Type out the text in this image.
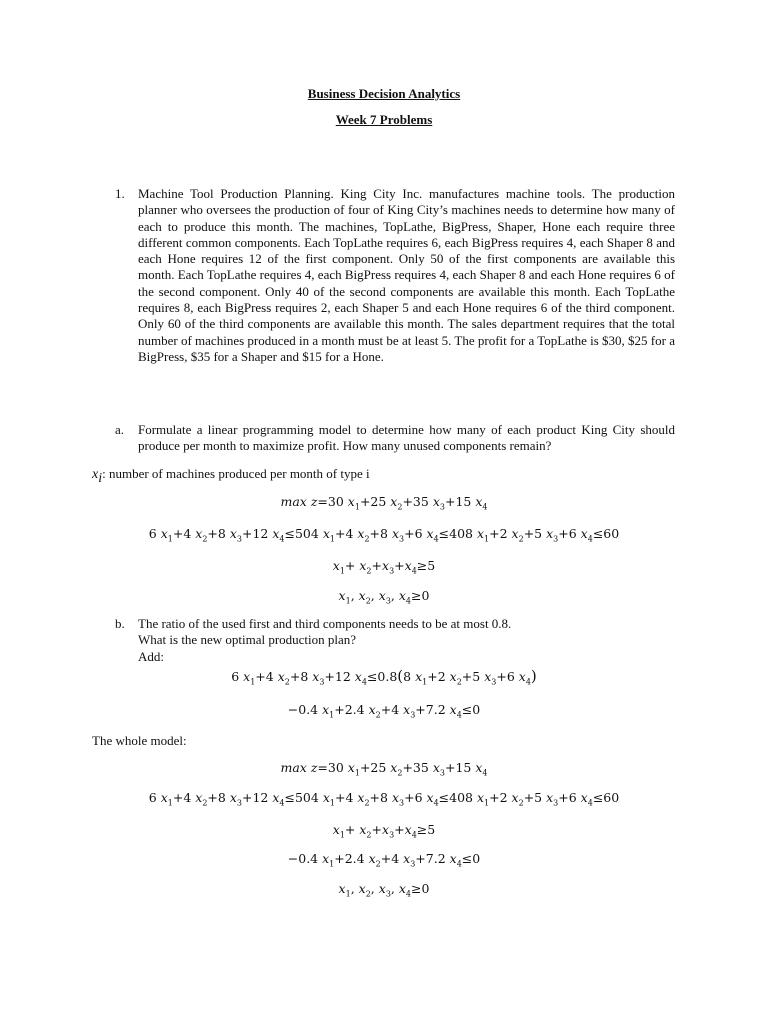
Business Decision Analytics
Week 7 Problems
1. Machine Tool Production Planning. King City Inc. manufactures machine tools. The production planner who oversees the production of four of King City’s machines needs to determine how many of each to produce this month. The machines, TopLathe, BigPress, Shaper, Hone each require three different common components. Each TopLathe requires 6, each BigPress requires 4, each Shaper 8 and each Hone requires 12 of the first component. Only 50 of the first components are available this month. Each TopLathe requires 4, each BigPress requires 4, each Shaper 8 and each Hone requires 6 of the second component. Only 40 of the second components are available this month. Each TopLathe requires 8, each BigPress requires 2, each Shaper 5 and each Hone requires 6 of the third component. Only 60 of the third components are available this month. The sales department requires that the total number of machines produced in a month must be at least 5. The profit for a TopLathe is $30, $25 for a BigPress, $35 for a Shaper and $15 for a Hone.
a. Formulate a linear programming model to determine how many of each product King City should produce per month to maximize profit. How many unused components remain?
$x_i$: number of machines produced per month of type i
max z=30 $x_1+25$ $x_2+35$ $x_3+15$ $x_4$
6 $x_1+4$ $x_2+8$ $x_3+12$ $x_4\le 504$ $x_1+4$ $x_2+8$ $x_3+6$ $x_4\le 408$ $x_1+2$ $x_2+5$ $x_3+6$ $x_4\le 60$
$x_1+ x_2+x_3+x_4\ge 5$
$x_1$, $x_2$, $x_3$, $x_4\ge 0$
b. The ratio of the used first and third components needs to be at most 0.8.
What is the new optimal production plan?
Add:
6 $x_1+4$ $x_2+8$ $x_3+12$ $x_4\le 0.8(8$ $x_1+2$ $x_2+5$ $x_3+6$ $x_4$)
−0.4 $x_1+2.4$ $x_2+4$ $x_3+7.2$ $x_4\le 0$
The whole model:
max z=30 $x_1+25$ $x_2+35$ $x_3+15$ $x_4$
6 $x_1+4$ $x_2+8$ $x_3+12$ $x_4\le 504$ $x_1+4$ $x_2+8$ $x_3+6$ $x_4\le 408$ $x_1+2$ $x_2+5$ $x_3+6$ $x_4\le 60$
$x_1+ x_2+x_3+x_4\ge 5$
−0.4 $x_1+2.4$ $x_2+4$ $x_3+7.2$ $x_4\le 0$
$x_1$, $x_2$, $x_3$, $x_4\ge 0$
